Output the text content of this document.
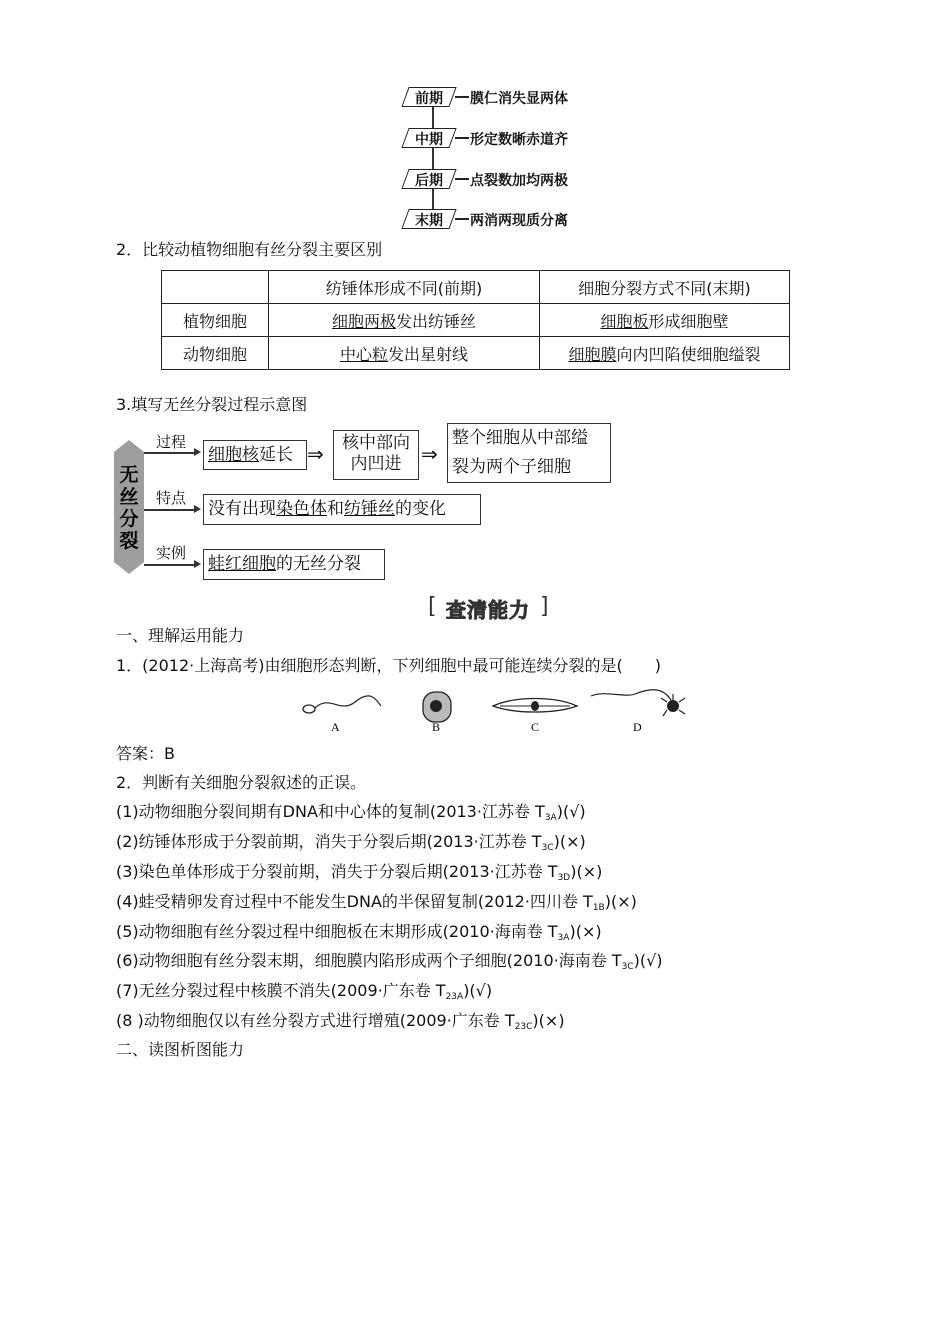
前期 膜仁消失显两体
中期 形定数晰赤道齐
后期 点裂数加均两极
末期 两消两现质分离
2．比较动植物细胞有丝分裂主要区别
	纺锤体形成不同(前期)	细胞分裂方式不同(末期)
植物细胞	细胞两极发出纺锤丝	细胞板形成细胞壁
动物细胞	中心粒发出星射线	细胞膜向内凹陷使细胞缢裂
3.填写无丝分裂过程示意图
无
丝
分
裂
过程
细胞核延长 ⇒	核中部向
内凹进 ⇒
整个细胞从中部缢
裂为两个子细胞
特点
没有出现染色体和纺锤丝的变化
实例
蛙红细胞的无丝分裂
[ 查清能力 ]
一、理解运用能力
1．(2012·上海高考)由细胞形态判断，下列细胞中最可能连续分裂的是(　　)
A	B	C	D
答案：B
2．判断有关细胞分裂叙述的正误。
(1)动物细胞分裂间期有DNA和中心体的复制(2013·江苏卷 $T_{3A})(√)$
(2)纺锤体形成于分裂前期，消失于分裂后期(2013·江苏卷 $T_{3C})(\times)$
(3)染色单体形成于分裂前期，消失于分裂后期(2013·江苏卷 $T_{3D})(\times)$
(4)蛙受精卵发育过程中不能发生DNA的半保留复制(2012·四川卷 $T_{1B})(\times)$
(5)动物细胞有丝分裂过程中细胞板在末期形成(2010·海南卷 $T_{3A})(\times)$
(6)动物细胞有丝分裂末期，细胞膜内陷形成两个子细胞(2010·海南卷 $T_{3C})(√)$
(7)无丝分裂过程中核膜不消失(2009·广东卷 $T_{23A})(√)$
(8 )动物细胞仅以有丝分裂方式进行增殖(2009·广东卷 $T_{23C})(\times)$
二、读图析图能力
